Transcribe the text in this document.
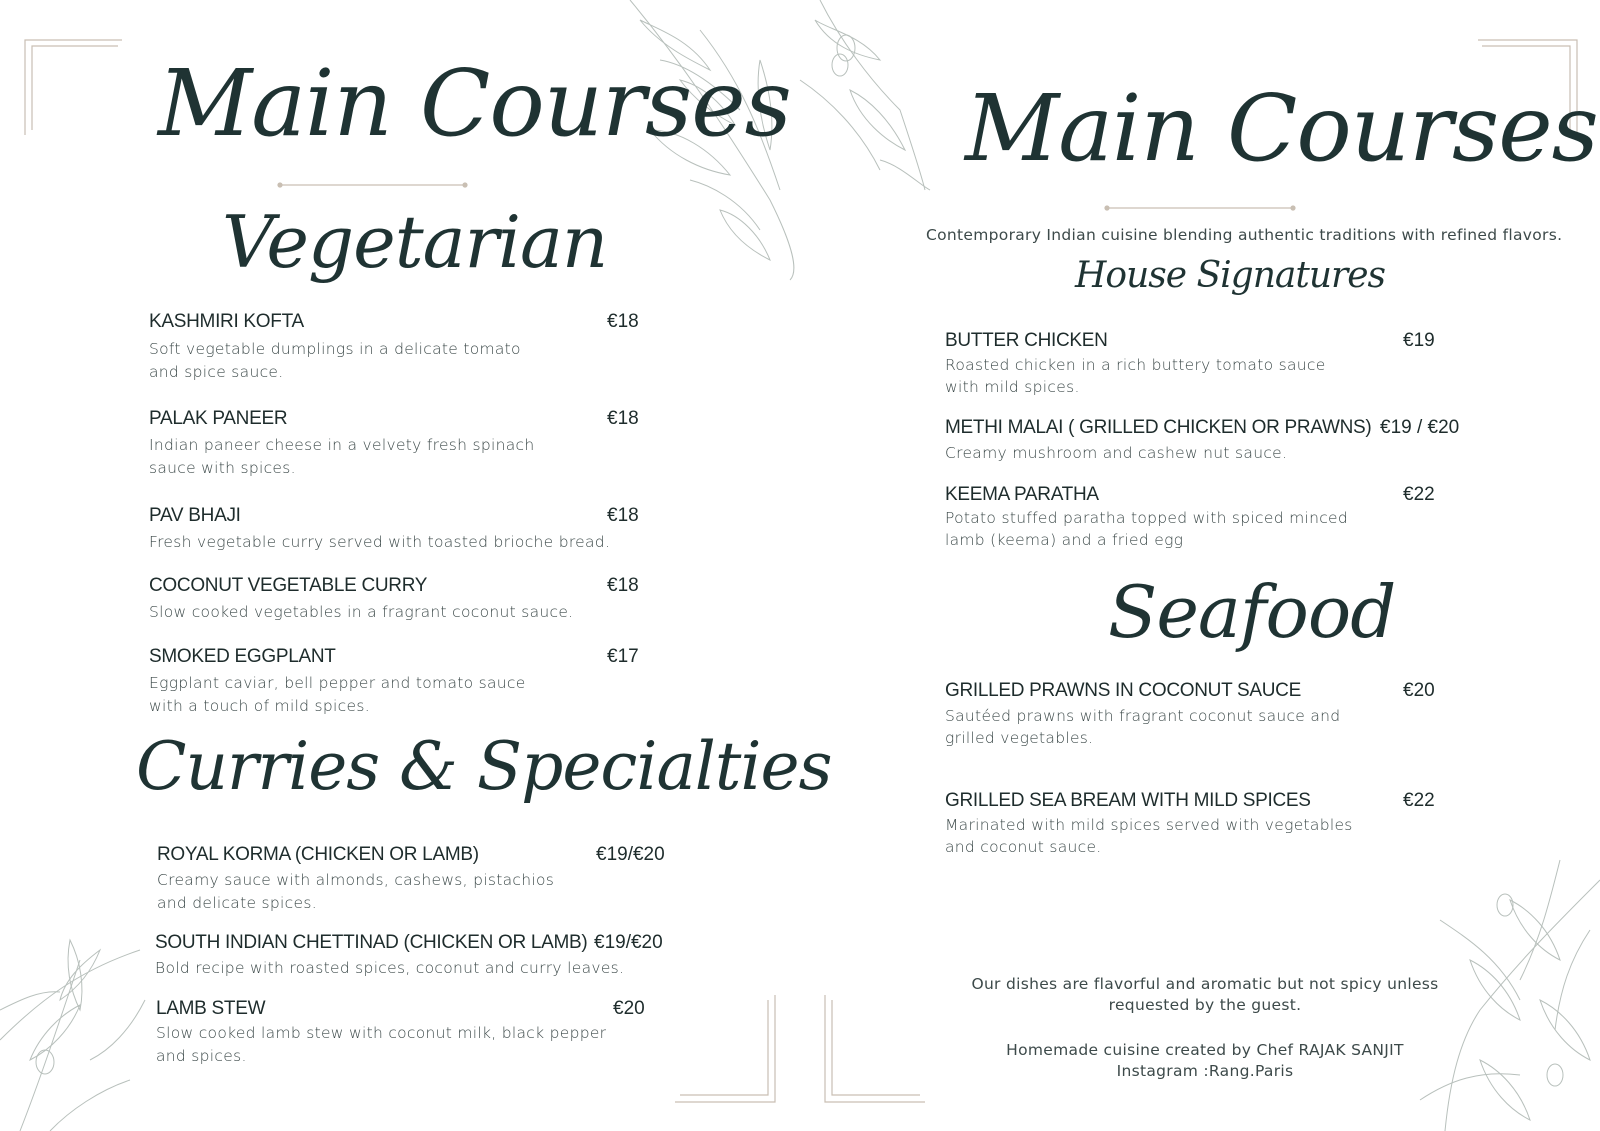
Main Courses
Vegetarian
KASHMIRI KOFTA	€18
Soft vegetable dumplings in a delicate tomato
and spice sauce.
PALAK PANEER	€18
Indian paneer cheese in a velvety fresh spinach
sauce with spices.
PAV BHAJI	€18
Fresh vegetable curry served with toasted brioche bread.
COCONUT VEGETABLE CURRY	€18
Slow cooked vegetables in a fragrant coconut sauce.
SMOKED EGGPLANT	€17
Eggplant caviar, bell pepper and tomato sauce
with a touch of mild spices.
Curries & Specialties
ROYAL KORMA (CHICKEN OR LAMB)	€19/€20
Creamy sauce with almonds, cashews, pistachios
and delicate spices.
SOUTH INDIAN CHETTINAD (CHICKEN OR LAMB) €19/€20
Bold recipe with roasted spices, coconut and curry leaves.
LAMB STEW	€20
Slow cooked lamb stew with coconut milk, black pepper
and spices.
Main Courses
Contemporary Indian cuisine blending authentic traditions with refined flavors.
House Signatures
BUTTER CHICKEN	€19
Roasted chicken in a rich buttery tomato sauce
with mild spices.
METHI MALAI ( GRILLED CHICKEN OR PRAWNS) €19 / €20
Creamy mushroom and cashew nut sauce.
KEEMA PARATHA	€22
Potato stuffed paratha topped with spiced minced
lamb (keema) and a fried egg
Seafood
GRILLED PRAWNS IN COCONUT SAUCE	€20
Sautéed prawns with fragrant coconut sauce and
grilled vegetables.
GRILLED SEA BREAM WITH MILD SPICES	€22
Marinated with mild spices served with vegetables
and coconut sauce.
Our dishes are flavorful and aromatic but not spicy unless
requested by the guest.
Homemade cuisine created by Chef RAJAK SANJIT
Instagram :Rang.Paris
